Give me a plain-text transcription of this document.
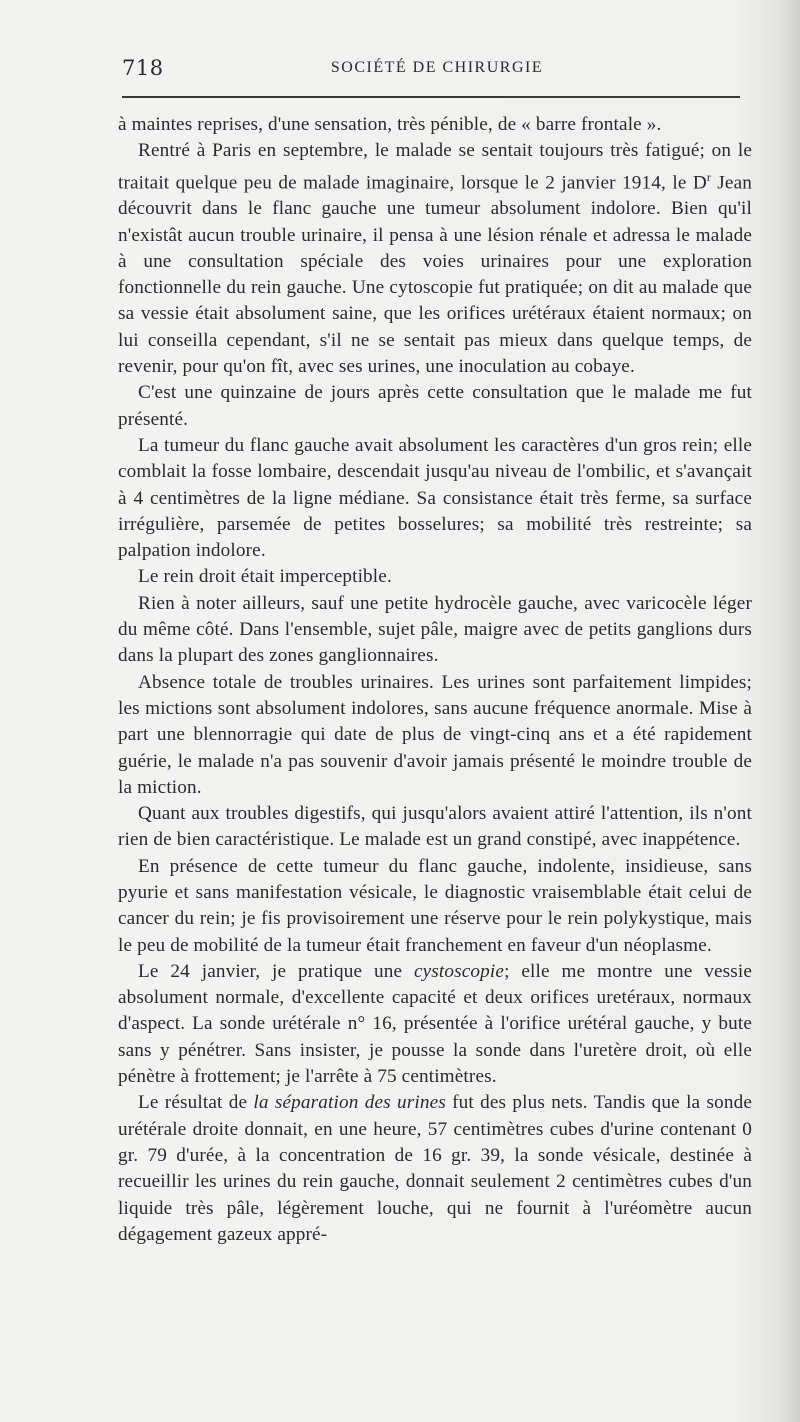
718	SOCIÉTÉ DE CHIRURGIE

à maintes reprises, d'une sensation, très pénible, de « barre frontale ».

Rentré à Paris en septembre, le malade se sentait toujours très fatigué; on le traitait quelque peu de malade imaginaire, lorsque le 2 janvier 1914, le $D^r$ Jean découvrit dans le flanc gauche une tumeur absolument indolore. Bien qu'il n'existât aucun trouble urinaire, il pensa à une lésion rénale et adressa le malade à une consultation spéciale des voies urinaires pour une exploration fonctionnelle du rein gauche. Une cytoscopie fut pratiquée; on dit au malade que sa vessie était absolument saine, que les orifices urétéraux étaient normaux; on lui conseilla cependant, s'il ne se sentait pas mieux dans quelque temps, de revenir, pour qu'on fît, avec ses urines, une inoculation au cobaye.

C'est une quinzaine de jours après cette consultation que le malade me fut présenté.

La tumeur du flanc gauche avait absolument les caractères d'un gros rein; elle comblait la fosse lombaire, descendait jusqu'au niveau de l'ombilic, et s'avançait à 4 centimètres de la ligne médiane. Sa consistance était très ferme, sa surface irrégulière, parsemée de petites bosselures; sa mobilité très restreinte; sa palpation indolore.

Le rein droit était imperceptible.

Rien à noter ailleurs, sauf une petite hydrocèle gauche, avec varicocèle léger du même côté. Dans l'ensemble, sujet pâle, maigre avec de petits ganglions durs dans la plupart des zones ganglionnaires.

Absence totale de troubles urinaires. Les urines sont parfaitement limpides; les mictions sont absolument indolores, sans aucune fréquence anormale. Mise à part une blennorragie qui date de plus de vingt-cinq ans et a été rapidement guérie, le malade n'a pas souvenir d'avoir jamais présenté le moindre trouble de la miction.

Quant aux troubles digestifs, qui jusqu'alors avaient attiré l'attention, ils n'ont rien de bien caractéristique. Le malade est un grand constipé, avec inappétence.

En présence de cette tumeur du flanc gauche, indolente, insidieuse, sans pyurie et sans manifestation vésicale, le diagnostic vraisemblable était celui de cancer du rein; je fis provisoirement une réserve pour le rein polykystique, mais le peu de mobilité de la tumeur était franchement en faveur d'un néoplasme.

Le 24 janvier, je pratique une cystoscopie; elle me montre une vessie absolument normale, d'excellente capacité et deux orifices uretéraux, normaux d'aspect. La sonde urétérale n° 16, présentée à l'orifice urétéral gauche, y bute sans y pénétrer. Sans insister, je pousse la sonde dans l'uretère droit, où elle pénètre à frottement; je l'arrête à 75 centimètres.

Le résultat de la séparation des urines fut des plus nets. Tandis que la sonde urétérale droite donnait, en une heure, 57 centimètres cubes d'urine contenant 0 gr. 79 d'urée, à la concentration de 16 gr. 39, la sonde vésicale, destinée à recueillir les urines du rein gauche, donnait seulement 2 centimètres cubes d'un liquide très pâle, légèrement louche, qui ne fournit à l'uréomètre aucun dégagement gazeux appré-
